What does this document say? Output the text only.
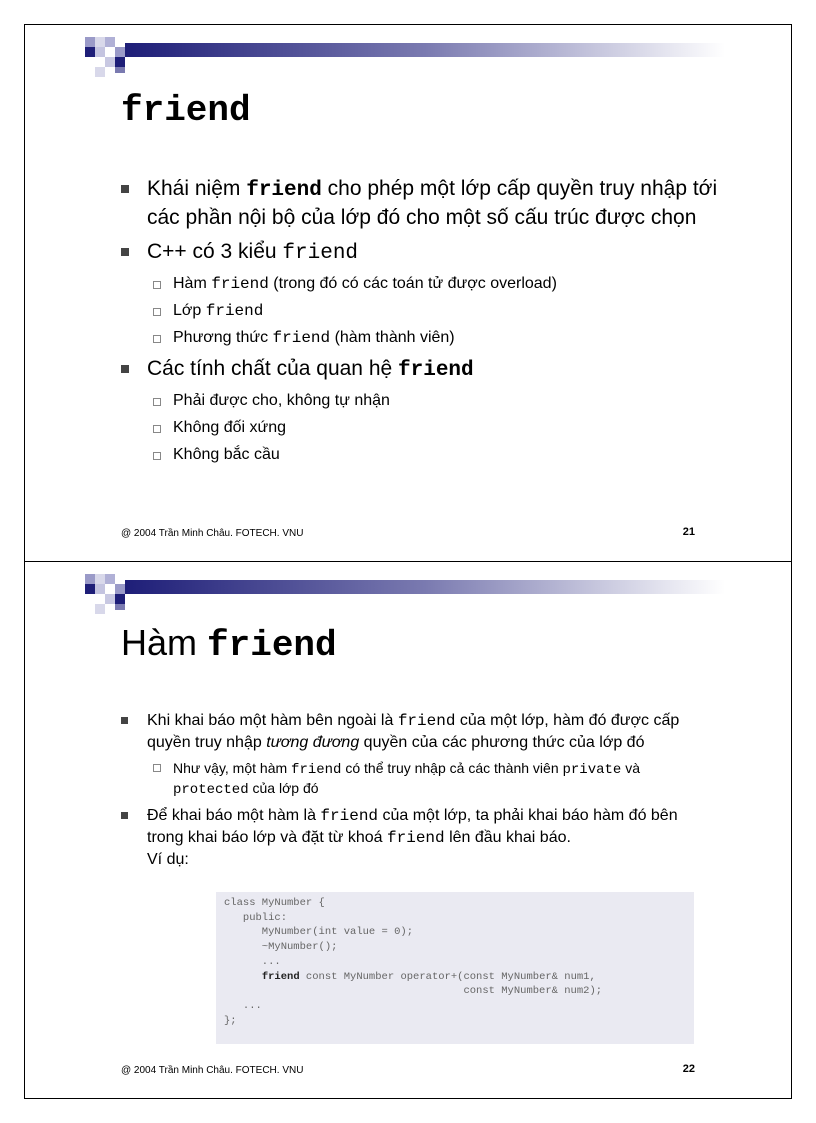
friend
Khái niệm friend cho phép một lớp cấp quyền truy nhập tới các phần nội bộ của lớp đó cho một số cấu trúc được chọn
C++ có 3 kiểu friend
Hàm friend (trong đó có các toán tử được overload)
Lớp friend
Phương thức friend (hàm thành viên)
Các tính chất của quan hệ friend
Phải được cho, không tự nhận
Không đối xứng
Không bắc cầu
@ 2004 Trần Minh Châu. FOTECH. VNU	21
Hàm friend
Khi khai báo một hàm bên ngoài là friend của một lớp, hàm đó được cấp quyền truy nhập tương đương quyền của các phương thức của lớp đó
Như vậy, một hàm friend có thể truy nhập cả các thành viên private và protected của lớp đó
Để khai báo một hàm là friend của một lớp, ta phải khai báo hàm đó bên trong khai báo lớp và đặt từ khoá friend lên đầu khai báo.
Ví dụ:
class MyNumber {
public:
MyNumber(int value = 0);
~MyNumber();
...
friend const MyNumber operator+(const MyNumber& num1,
const MyNumber& num2);
...
};
@ 2004 Trần Minh Châu. FOTECH. VNU	22
